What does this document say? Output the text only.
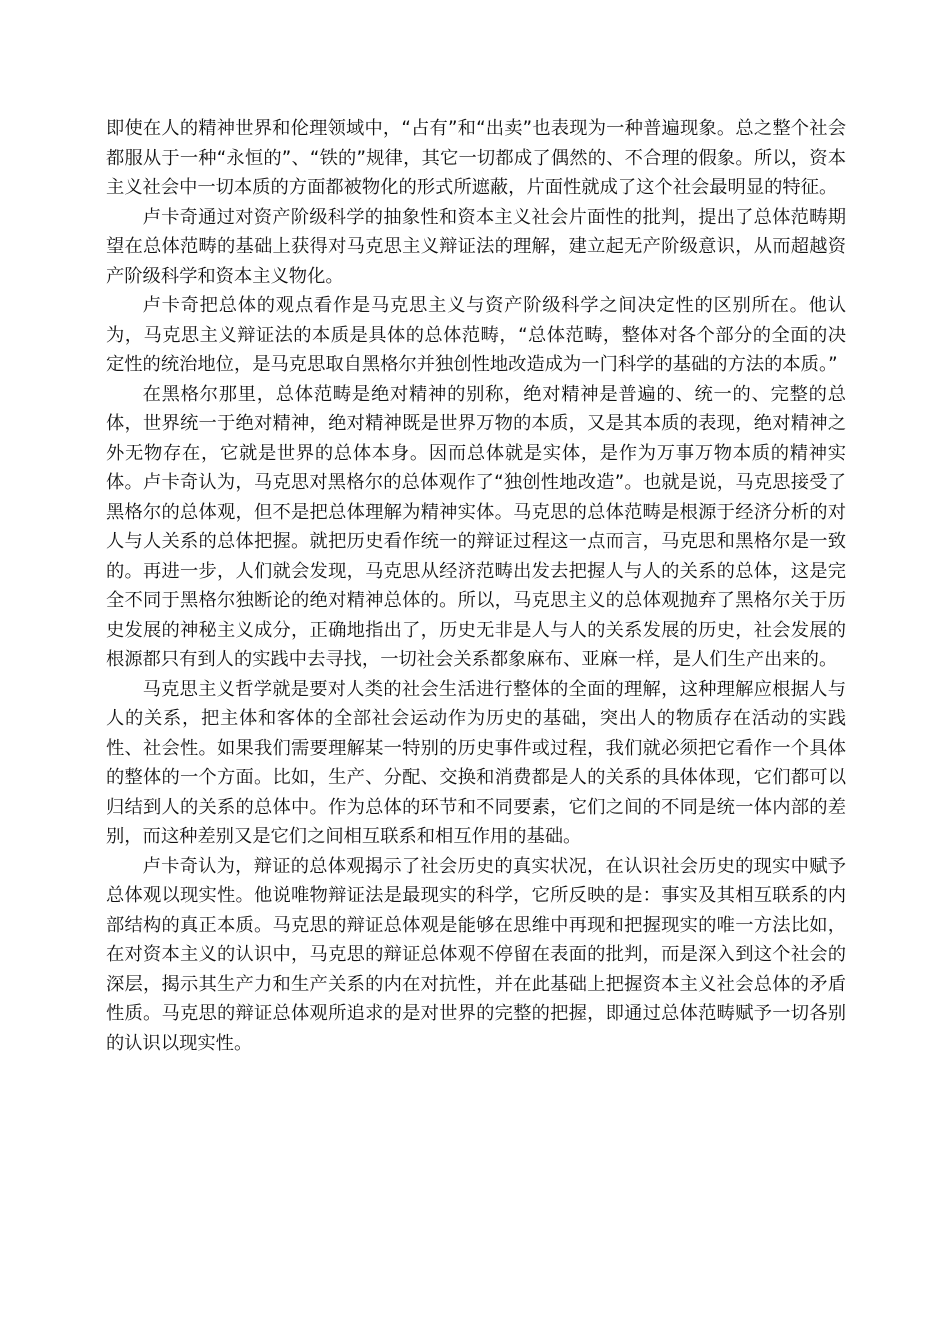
即使在人的精神世界和伦理领域中，“占有”和“出卖”也表现为一种普遍现象。总之整个社会都服从于一种“永恒的”、“铁的”规律，其它一切都成了偶然的、不合理的假象。所以，资本主义社会中一切本质的方面都被物化的形式所遮蔽，片面性就成了这个社会最明显的特征。

卢卡奇通过对资产阶级科学的抽象性和资本主义社会片面性的批判，提出了总体范畴期望在总体范畴的基础上获得对马克思主义辩证法的理解，建立起无产阶级意识，从而超越资产阶级科学和资本主义物化。

卢卡奇把总体的观点看作是马克思主义与资产阶级科学之间决定性的区别所在。他认为，马克思主义辩证法的本质是具体的总体范畴，“总体范畴，整体对各个部分的全面的决定性的统治地位，是马克思取自黑格尔并独创性地改造成为一门科学的基础的方法的本质。”

在黑格尔那里，总体范畴是绝对精神的别称，绝对精神是普遍的、统一的、完整的总体，世界统一于绝对精神，绝对精神既是世界万物的本质，又是其本质的表现，绝对精神之外无物存在，它就是世界的总体本身。因而总体就是实体，是作为万事万物本质的精神实体。卢卡奇认为，马克思对黑格尔的总体观作了“独创性地改造”。也就是说，马克思接受了黑格尔的总体观，但不是把总体理解为精神实体。马克思的总体范畴是根源于经济分析的对人与人关系的总体把握。就把历史看作统一的辩证过程这一点而言，马克思和黑格尔是一致的。再进一步，人们就会发现，马克思从经济范畴出发去把握人与人的关系的总体，这是完全不同于黑格尔独断论的绝对精神总体的。所以，马克思主义的总体观抛弃了黑格尔关于历史发展的神秘主义成分，正确地指出了，历史无非是人与人的关系发展的历史，社会发展的根源都只有到人的实践中去寻找，一切社会关系都象麻布、亚麻一样，是人们生产出来的。

马克思主义哲学就是要对人类的社会生活进行整体的全面的理解，这种理解应根据人与人的关系，把主体和客体的全部社会运动作为历史的基础，突出人的物质存在活动的实践性、社会性。如果我们需要理解某一特别的历史事件或过程，我们就必须把它看作一个具体的整体的一个方面。比如，生产、分配、交换和消费都是人的关系的具体体现，它们都可以归结到人的关系的总体中。作为总体的环节和不同要素，它们之间的不同是统一体内部的差别，而这种差别又是它们之间相互联系和相互作用的基础。

卢卡奇认为，辩证的总体观揭示了社会历史的真实状况，在认识社会历史的现实中赋予总体观以现实性。他说唯物辩证法是最现实的科学，它所反映的是：事实及其相互联系的内部结构的真正本质。马克思的辩证总体观是能够在思维中再现和把握现实的唯一方法比如，在对资本主义的认识中，马克思的辩证总体观不停留在表面的批判，而是深入到这个社会的深层，揭示其生产力和生产关系的内在对抗性，并在此基础上把握资本主义社会总体的矛盾性质。马克思的辩证总体观所追求的是对世界的完整的把握，即通过总体范畴赋予一切各别的认识以现实性。
